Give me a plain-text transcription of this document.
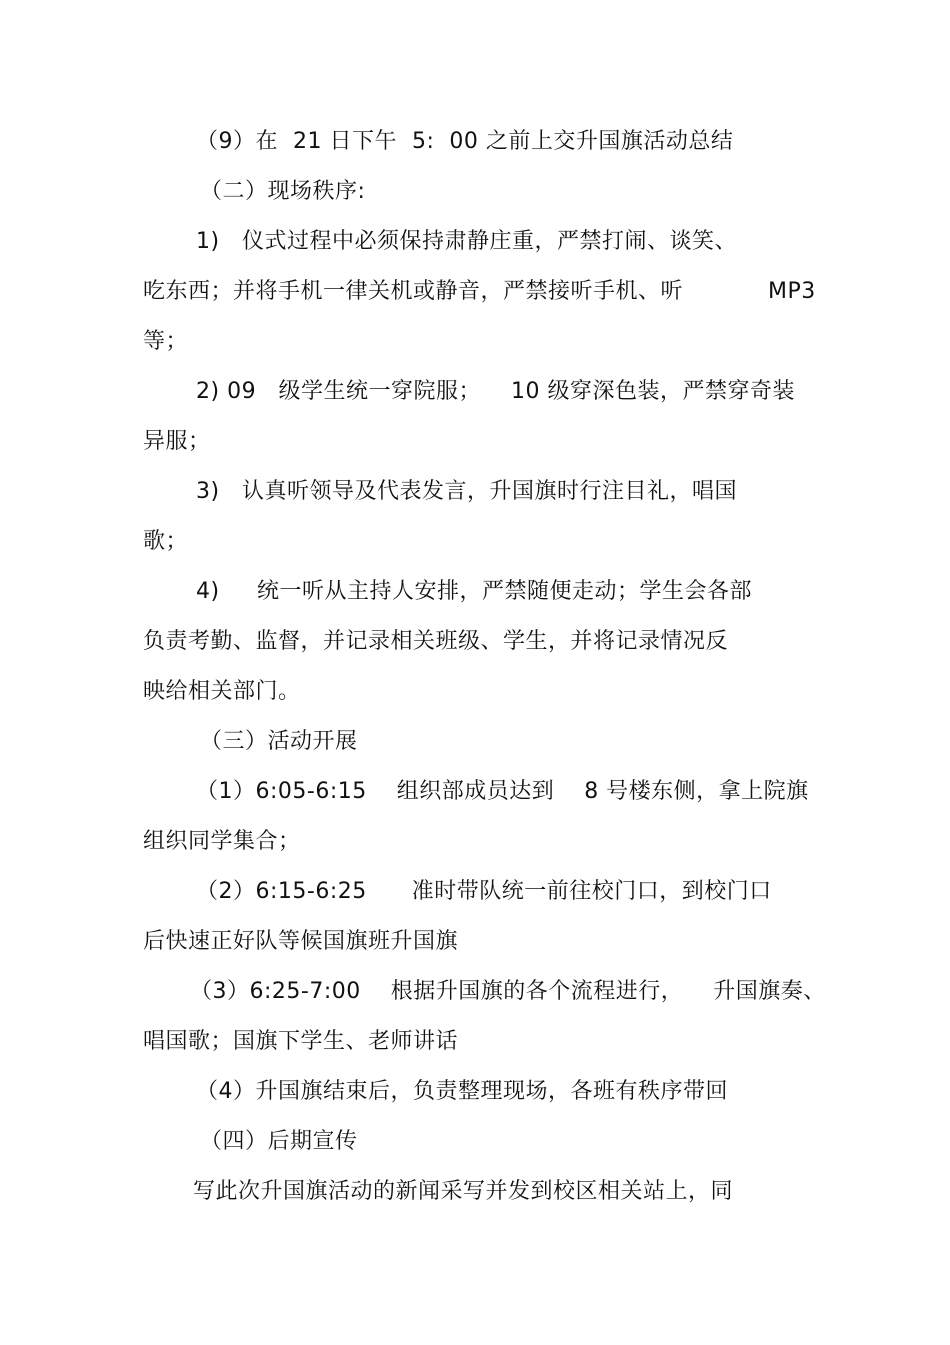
（9）在  21 日下午  5:  00 之前上交升国旗活动总结
（二）现场秩序:
1)   仪式过程中必须保持肃静庄重，严禁打闹、谈笑、
吃东西；并将手机一律关机或静音，严禁接听手机、听	MP3
等；
2) 09   级学生统一穿院服；    10 级穿深色装，严禁穿奇装
异服；
3)   认真听领导及代表发言，升国旗时行注目礼，唱国
歌；
4)     统一听从主持人安排，严禁随便走动；学生会各部
负责考勤、监督，并记录相关班级、学生，并将记录情况反
映给相关部门。
（三）活动开展
（1）6:05-6:15    组织部成员达到    8 号楼东侧，拿上院旗
组织同学集合；
（2）6:15-6:25      准时带队统一前往校门口，到校门口
后快速正好队等候国旗班升国旗
（3）6:25-7:00    根据升国旗的各个流程进行，    升国旗奏、
唱国歌；国旗下学生、老师讲话
（4）升国旗结束后，负责整理现场，各班有秩序带回
（四）后期宣传
写此次升国旗活动的新闻采写并发到校区相关站上，同
